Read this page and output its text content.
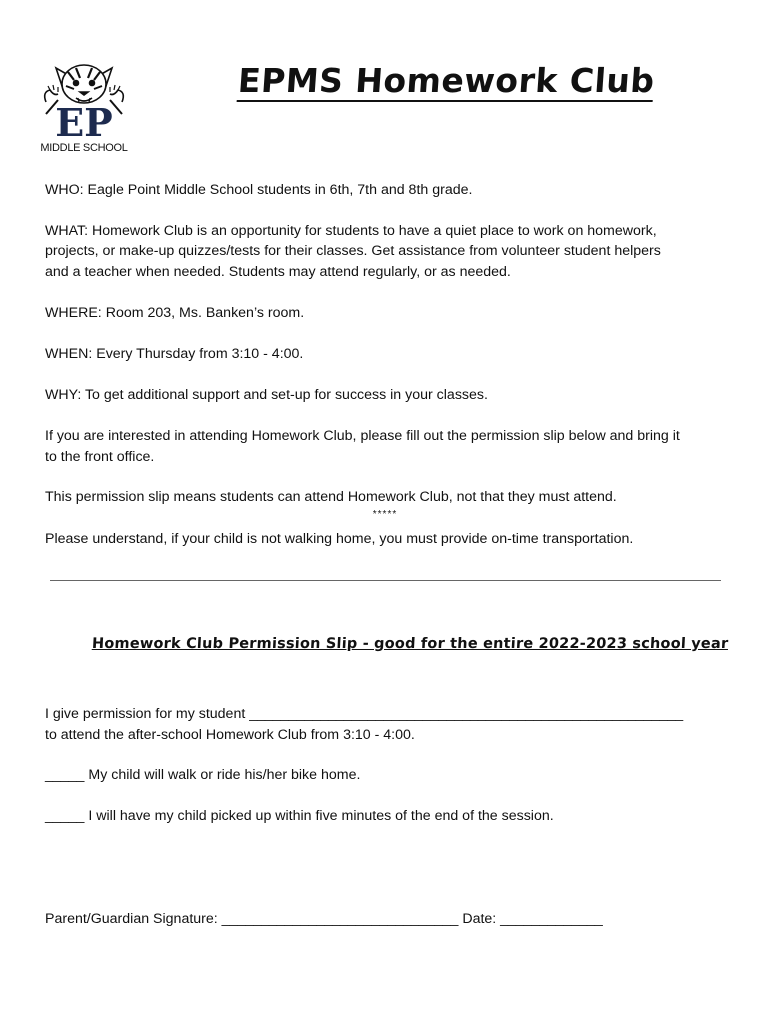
EP
MIDDLE SCHOOL
EPMS Homework Club

WHO: Eagle Point Middle School students in 6th, 7th and 8th grade.

WHAT: Homework Club is an opportunity for students to have a quiet place to work on homework,

projects, or make-up quizzes/tests for their classes. Get assistance from volunteer student helpers

and a teacher when needed. Students may attend regularly, or as needed.

WHERE: Room 203, Ms. Banken’s room.

WHEN: Every Thursday from 3:10 - 4:00.

WHY: To get additional support and set-up for success in your classes.

If you are interested in attending Homework Club, please fill out the permission slip below and bring it

to the front office.

This permission slip means students can attend Homework Club, not that they must attend.

*****

Please understand, if your child is not walking home, you must provide on-time transportation.

Homework Club Permission Slip - good for the entire 2022-2023 school year

I give permission for my student _______________________________________________________

to attend the after-school Homework Club from 3:10 - 4:00.

_____ My child will walk or ride his/her bike home.

_____ I will have my child picked up within five minutes of the end of the session.

Parent/Guardian Signature: ______________________________ Date: _____________
